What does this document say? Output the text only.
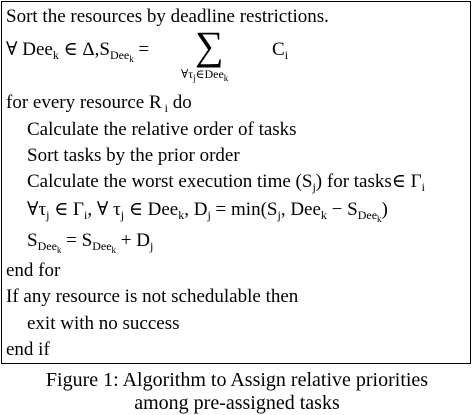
Sort the resources by deadline restrictions.
∀ Dee$_k$ ∈ $\Delta,S_{Dee_k}$ = ∑
$\forall\tau_j\in Dee_k$
$C_i$
for every resource R $_i$ do
Calculate the relative order of tasks
Sort tasks by the prior order
Calculate the worst execution time $(S_j)$ for tasks∈ $\Gamma_i$
$\forall\tau_j$ ∈ $\Gamma_i$, ∀ $\tau_j$ ∈ Dee$_k$, $D_j = \min(S_j$, $Dee_k - S_{Dee_k}$)
$S_{Dee_k} = S_{Dee_k} + D_j$
end for
If any resource is not schedulable then
exit with no success
end if
Figure 1: Algorithm to Assign relative priorities
among pre-assigned tasks
